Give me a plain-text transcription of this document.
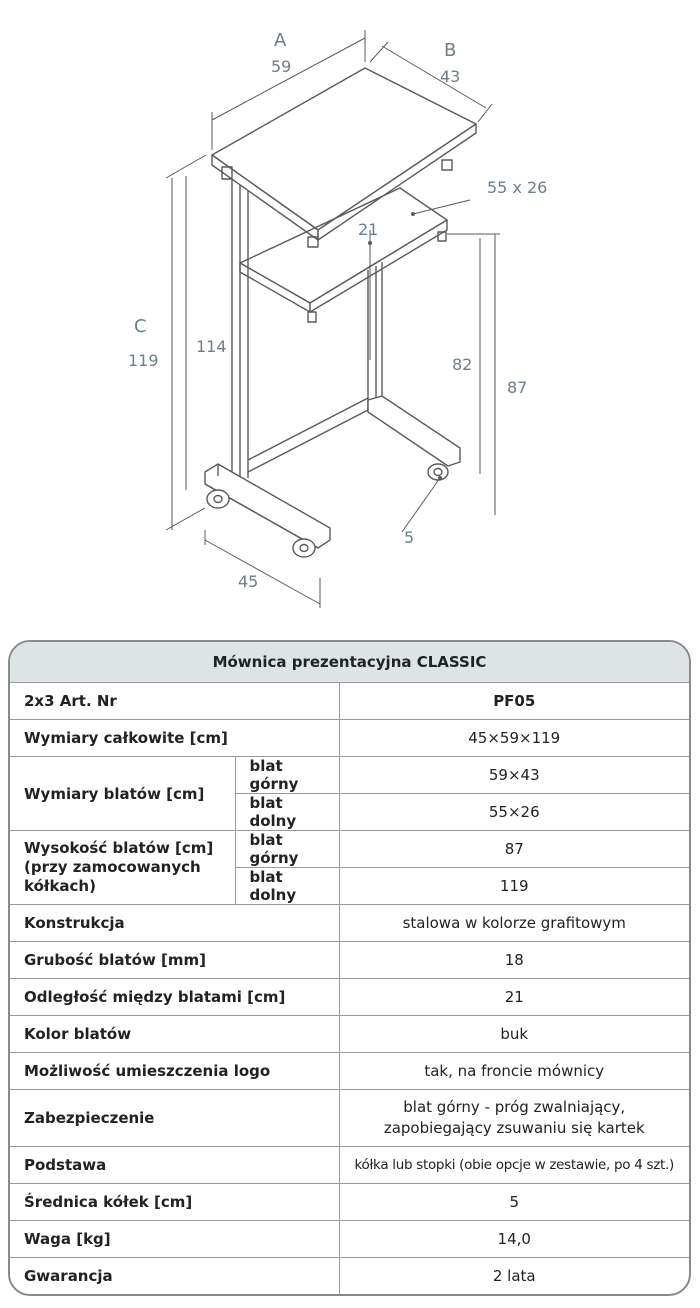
A
59
B
43
55 x 26
21
C
119
114
82
87
5
45
Mównica prezentacyjna CLASSIC		
2x3 Art. Nr		PF05
Wymiary całkowite [cm]		45×59×119
Wymiary blatów [cm]	blat górny	59×43
	blat dolny	55×26
Wysokość blatów [cm]
(przy zamocowanych
kółkach)	blat górny	87
	blat dolny	119
Konstrukcja		stalowa w kolorze grafitowym
Grubość blatów [mm]		18
Odległość między blatami [cm]		21
Kolor blatów		buk
Możliwość umieszczenia logo		tak, na froncie mównicy
Zabezpieczenie		blat górny - próg zwalniający,
zapobiegający zsuwaniu się kartek
Podstawa		kółka lub stopki (obie opcje w zestawie, po 4 szt.)
Średnica kółek [cm]		5
Waga [kg]		14,0
Gwarancja		2 lata
